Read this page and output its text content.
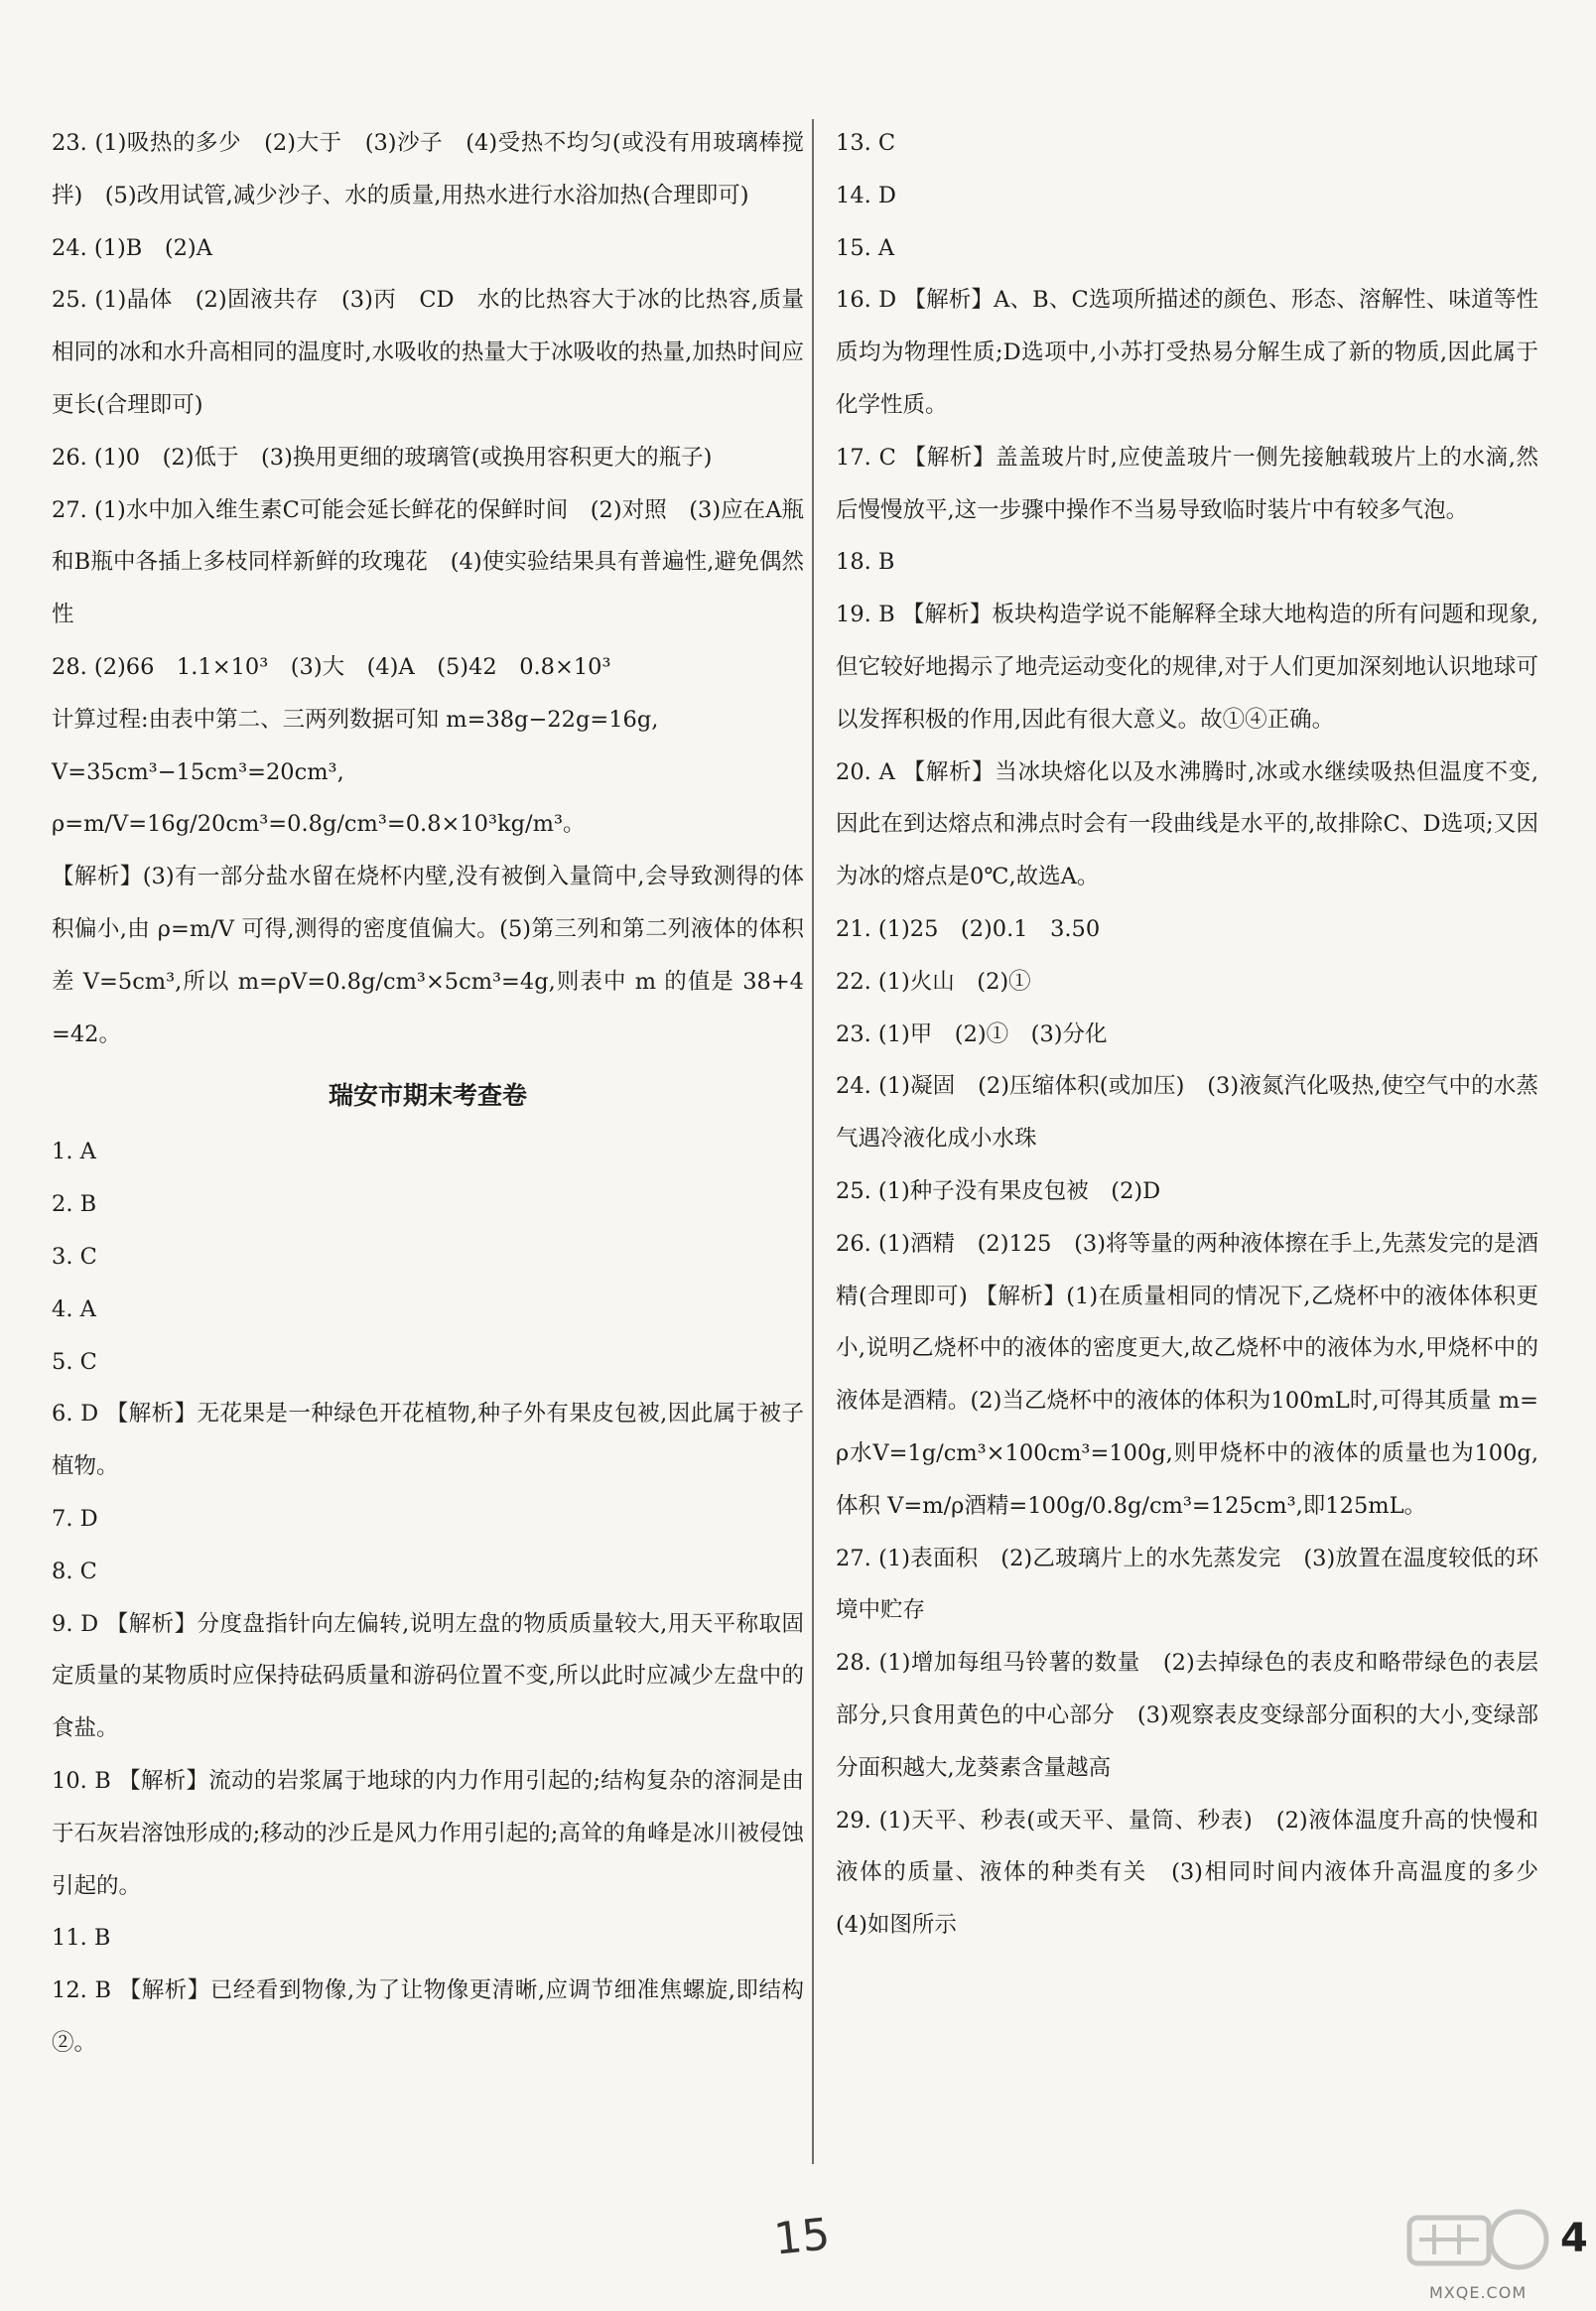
23. (1)吸热的多少　(2)大于　(3)沙子　(4)受热不均匀(或没有用玻璃棒搅拌)　(5)改用试管,减少沙子、水的质量,用热水进行水浴加热(合理即可)
24. (1)B　(2)A
25. (1)晶体　(2)固液共存　(3)丙　CD　水的比热容大于冰的比热容,质量相同的冰和水升高相同的温度时,水吸收的热量大于冰吸收的热量,加热时间应更长(合理即可)
26. (1)0　(2)低于　(3)换用更细的玻璃管(或换用容积更大的瓶子)
27. (1)水中加入维生素C可能会延长鲜花的保鲜时间　(2)对照　(3)应在A瓶和B瓶中各插上多枝同样新鲜的玫瑰花　(4)使实验结果具有普遍性,避免偶然性
28. (2)66　1.1×10³　(3)大　(4)A　(5)42　0.8×10³
计算过程:由表中第二、三两列数据可知 m=38g−22g=16g,
V=35cm³−15cm³=20cm³,
ρ=m/V=16g/20cm³=0.8g/cm³=0.8×10³kg/m³。
【解析】(3)有一部分盐水留在烧杯内壁,没有被倒入量筒中,会导致测得的体积偏小,由 ρ=m/V 可得,测得的密度值偏大。(5)第三列和第二列液体的体积差 V=5cm³,所以 m=ρV=0.8g/cm³×5cm³=4g,则表中 m 的值是 38+4=42。
瑞安市期末考查卷
1. A
2. B
3. C
4. A
5. C
6. D 【解析】无花果是一种绿色开花植物,种子外有果皮包被,因此属于被子植物。
7. D
8. C
9. D 【解析】分度盘指针向左偏转,说明左盘的物质质量较大,用天平称取固定质量的某物质时应保持砝码质量和游码位置不变,所以此时应减少左盘中的食盐。
10. B 【解析】流动的岩浆属于地球的内力作用引起的;结构复杂的溶洞是由于石灰岩溶蚀形成的;移动的沙丘是风力作用引起的;高耸的角峰是冰川被侵蚀引起的。
11. B
12. B 【解析】已经看到物像,为了让物像更清晰,应调节细准焦螺旋,即结构②。
13. C
14. D
15. A
16. D 【解析】A、B、C选项所描述的颜色、形态、溶解性、味道等性质均为物理性质;D选项中,小苏打受热易分解生成了新的物质,因此属于化学性质。
17. C 【解析】盖盖玻片时,应使盖玻片一侧先接触载玻片上的水滴,然后慢慢放平,这一步骤中操作不当易导致临时装片中有较多气泡。
18. B
19. B 【解析】板块构造学说不能解释全球大地构造的所有问题和现象,但它较好地揭示了地壳运动变化的规律,对于人们更加深刻地认识地球可以发挥积极的作用,因此有很大意义。故①④正确。
20. A 【解析】当冰块熔化以及水沸腾时,冰或水继续吸热但温度不变,因此在到达熔点和沸点时会有一段曲线是水平的,故排除C、D选项;又因为冰的熔点是0℃,故选A。
21. (1)25　(2)0.1　3.50
22. (1)火山　(2)①
23. (1)甲　(2)①　(3)分化
24. (1)凝固　(2)压缩体积(或加压)　(3)液氮汽化吸热,使空气中的水蒸气遇冷液化成小水珠
25. (1)种子没有果皮包被　(2)D
26. (1)酒精　(2)125　(3)将等量的两种液体擦在手上,先蒸发完的是酒精(合理即可) 【解析】(1)在质量相同的情况下,乙烧杯中的液体体积更小,说明乙烧杯中的液体的密度更大,故乙烧杯中的液体为水,甲烧杯中的液体是酒精。(2)当乙烧杯中的液体的体积为100mL时,可得其质量 m=ρ水V=1g/cm³×100cm³=100g,则甲烧杯中的液体的质量也为100g,体积 V=m/ρ酒精=100g/0.8g/cm³=125cm³,即125mL。
27. (1)表面积　(2)乙玻璃片上的水先蒸发完　(3)放置在温度较低的环境中贮存
28. (1)增加每组马铃薯的数量　(2)去掉绿色的表皮和略带绿色的表层部分,只食用黄色的中心部分　(3)观察表皮变绿部分面积的大小,变绿部分面积越大,龙葵素含量越高
29. (1)天平、秒表(或天平、量筒、秒表)　(2)液体温度升高的快慢和液体的质量、液体的种类有关　(3)相同时间内液体升高温度的多少　(4)如图所示
15
MXQE.COM
4
